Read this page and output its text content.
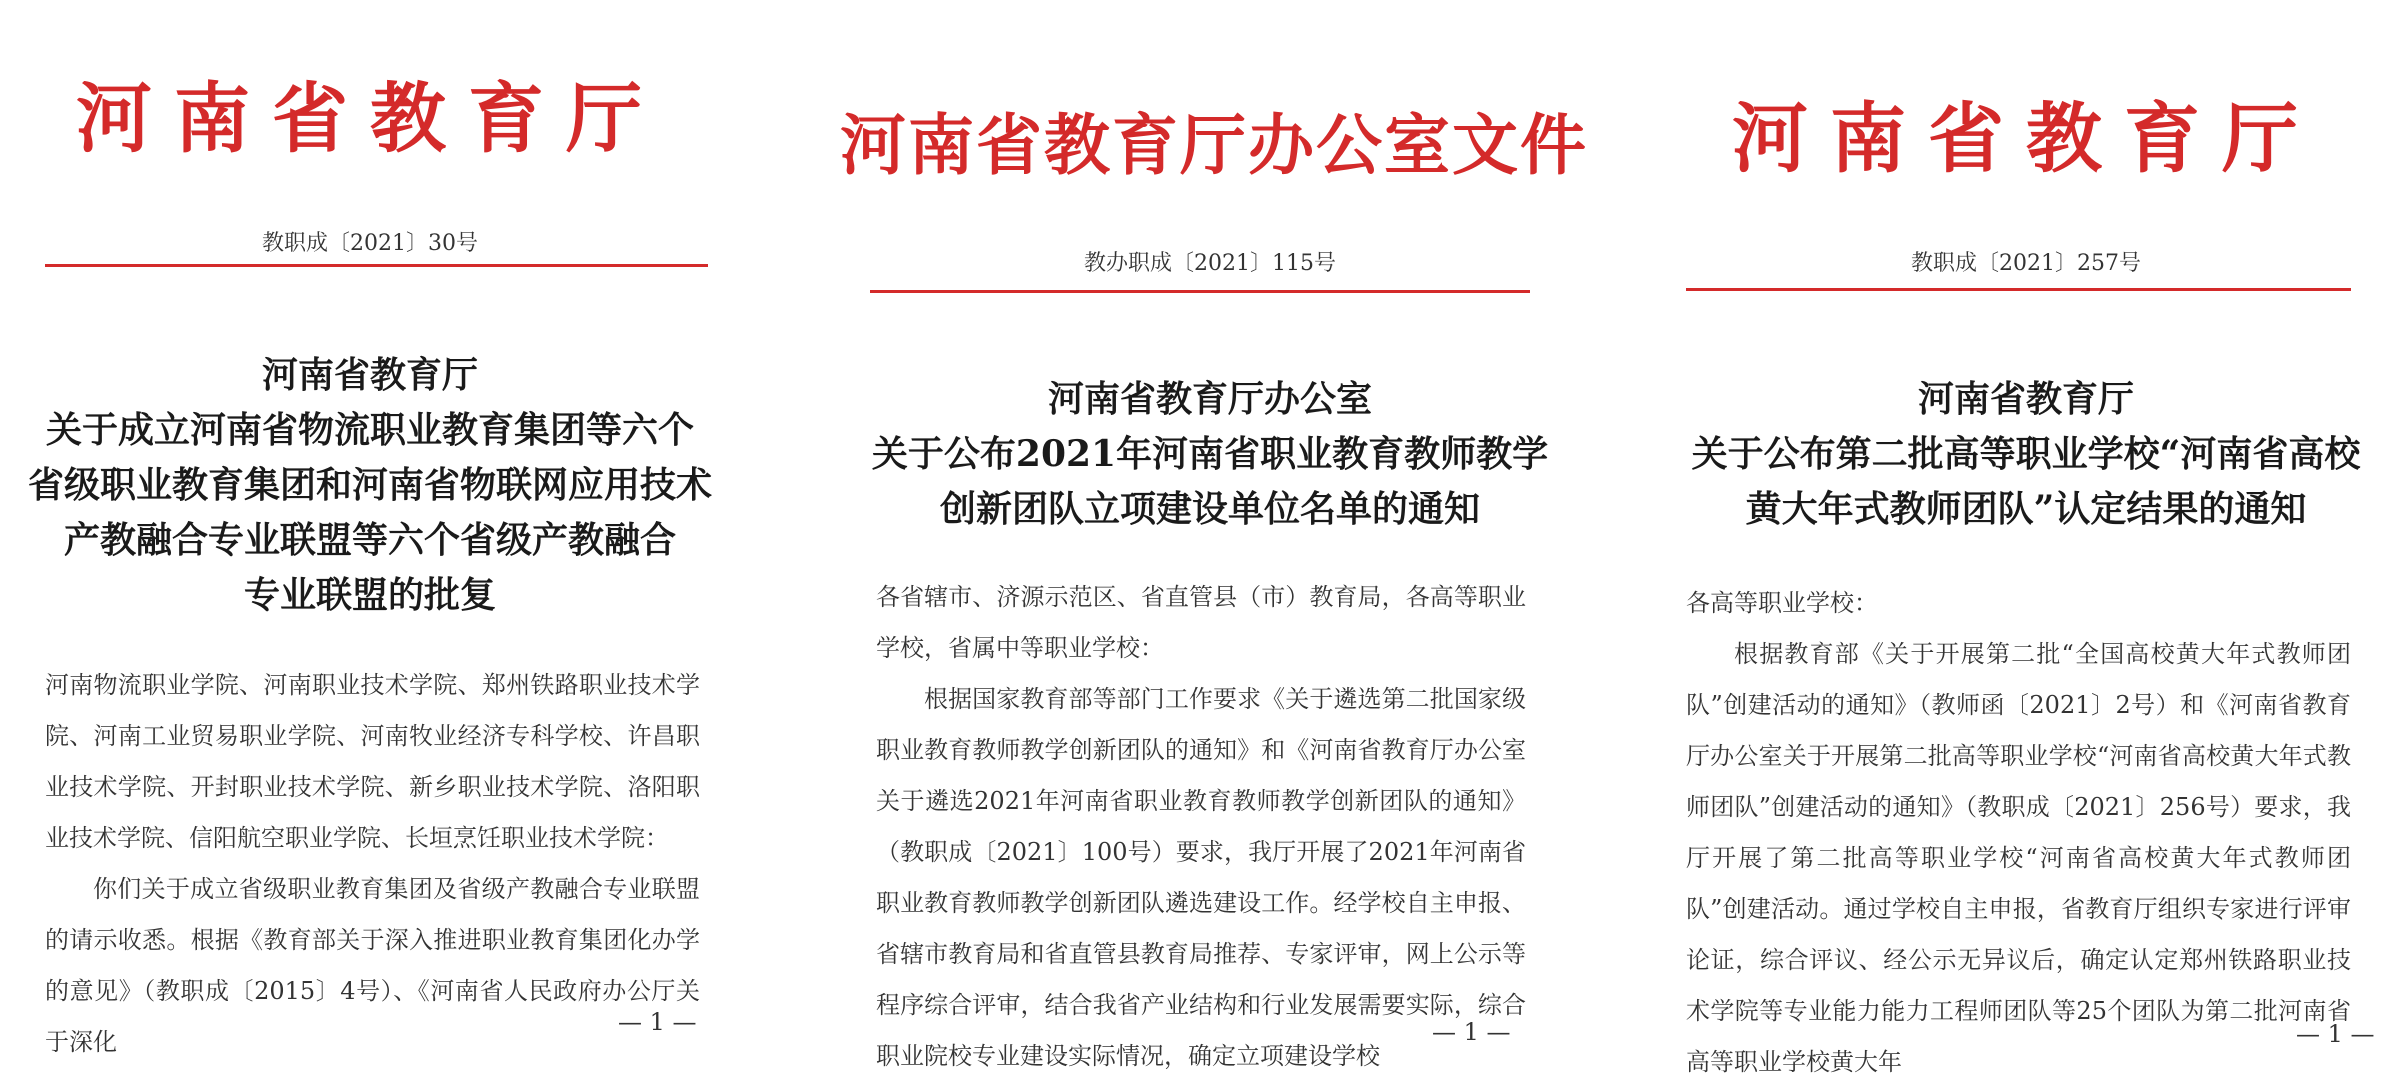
河南省教育厅
教职成〔2021〕30号
河南省教育厅
关于成立河南省物流职业教育集团等六个
省级职业教育集团和河南省物联网应用技术
产教融合专业联盟等六个省级产教融合
专业联盟的批复

河南物流职业学院、河南职业技术学院、郑州铁路职业技术学院、河南工业贸易职业学院、河南牧业经济专科学校、许昌职业技术学院、开封职业技术学院、新乡职业技术学院、洛阳职业技术学院、信阳航空职业学院、长垣烹饪职业技术学院：

你们关于成立省级职业教育集团及省级产教融合专业联盟的请示收悉。根据《教育部关于深入推进职业教育集团化办学的意见》（教职成〔2015〕4号）、《河南省人民政府办公厅关于深化

— 1 —
河南省教育厅办公室文件
教办职成〔2021〕115号
河南省教育厅办公室
关于公布2021年河南省职业教育教师教学
创新团队立项建设单位名单的通知

各省辖市、济源示范区、省直管县（市）教育局，各高等职业学校，省属中等职业学校：

根据国家教育部等部门工作要求《关于遴选第二批国家级职业教育教师教学创新团队的通知》和《河南省教育厅办公室关于遴选2021年河南省职业教育教师教学创新团队的通知》（教职成〔2021〕100号）要求，我厅开展了2021年河南省职业教育教师教学创新团队遴选建设工作。经学校自主申报、省辖市教育局和省直管县教育局推荐、专家评审，网上公示等程序综合评审，结合我省产业结构和行业发展需要实际，综合职业院校专业建设实际情况，确定立项建设学校

— 1 —
河南省教育厅
教职成〔2021〕257号
河南省教育厅
关于公布第二批高等职业学校“河南省高校
黄大年式教师团队”认定结果的通知

各高等职业学校：

根据教育部《关于开展第二批“全国高校黄大年式教师团队”创建活动的通知》（教师函〔2021〕2号）和《河南省教育厅办公室关于开展第二批高等职业学校“河南省高校黄大年式教师团队”创建活动的通知》（教职成〔2021〕256号）要求，我厅开展了第二批高等职业学校“河南省高校黄大年式教师团队”创建活动。通过学校自主申报，省教育厅组织专家进行评审论证，综合评议、经公示无异议后，确定认定郑州铁路职业技术学院等专业能力能力工程师团队等25个团队为第二批河南省高等职业学校黄大年

— 1 —
